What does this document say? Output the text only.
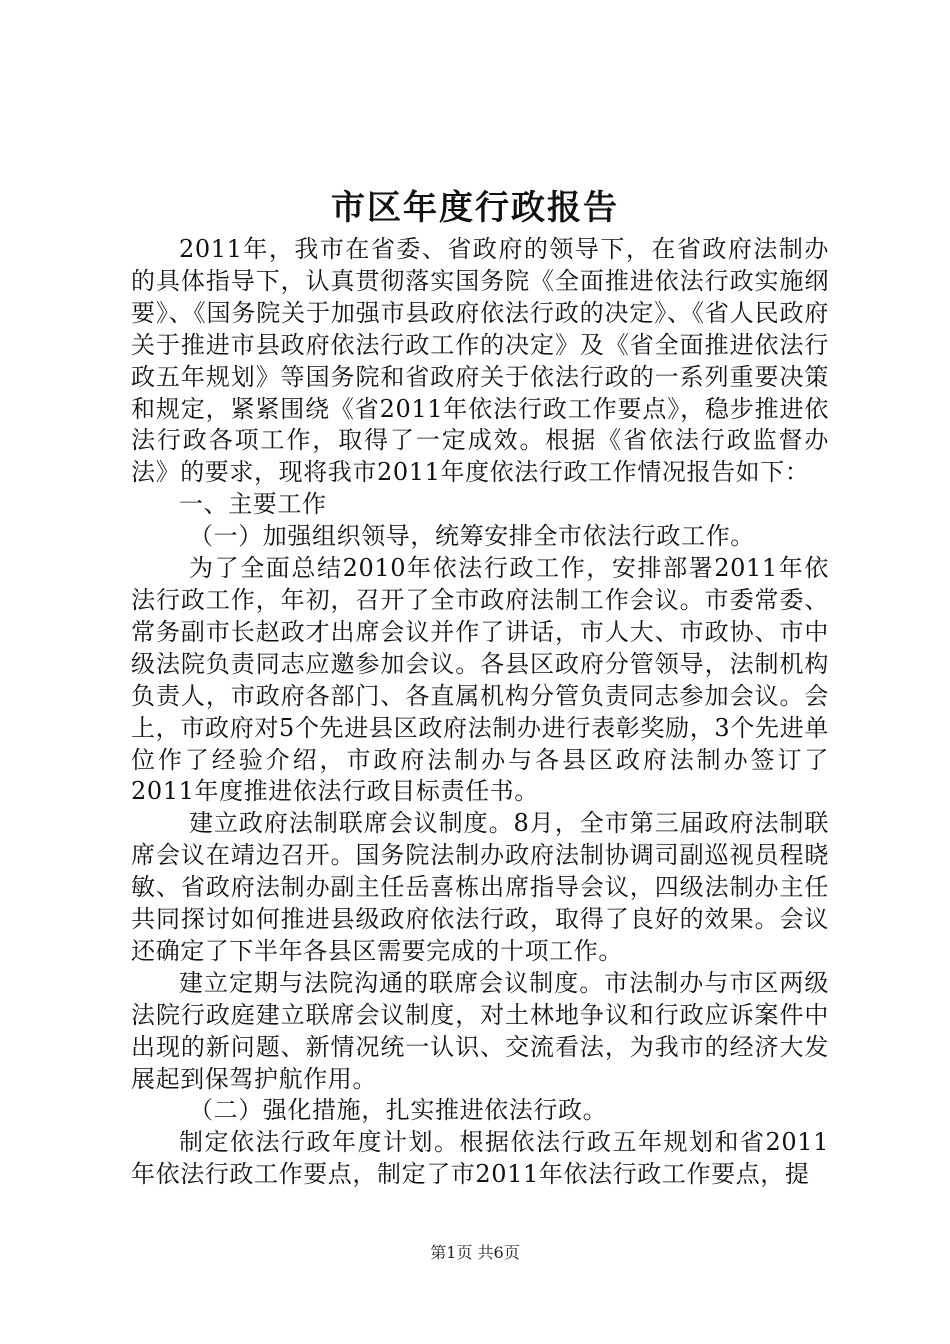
市区年度行政报告

2011年，我市在省委、省政府的领导下，在省政府法制办的具体指导下，认真贯彻落实国务院《全面推进依法行政实施纲要》、《国务院关于加强市县政府依法行政的决定》、《省人民政府关于推进市县政府依法行政工作的决定》及《省全面推进依法行政五年规划》等国务院和省政府关于依法行政的一系列重要决策和规定，紧紧围绕《省2011年依法行政工作要点》，稳步推进依法行政各项工作，取得了一定成效。根据《省依法行政监督办法》的要求，现将我市2011年度依法行政工作情况报告如下：

一、主要工作

（一）加强组织领导，统筹安排全市依法行政工作。

为了全面总结2010年依法行政工作，安排部署2011年依法行政工作，年初，召开了全市政府法制工作会议。市委常委、常务副市长赵政才出席会议并作了讲话，市人大、市政协、市中级法院负责同志应邀参加会议。各县区政府分管领导，法制机构负责人，市政府各部门、各直属机构分管负责同志参加会议。会上，市政府对5个先进县区政府法制办进行表彰奖励，3个先进单位作了经验介绍，市政府法制办与各县区政府法制办签订了2011年度推进依法行政目标责任书。

建立政府法制联席会议制度。8月，全市第三届政府法制联席会议在靖边召开。国务院法制办政府法制协调司副巡视员程晓敏、省政府法制办副主任岳喜栋出席指导会议，四级法制办主任共同探讨如何推进县级政府依法行政，取得了良好的效果。会议还确定了下半年各县区需要完成的十项工作。

建立定期与法院沟通的联席会议制度。市法制办与市区两级法院行政庭建立联席会议制度，对土林地争议和行政应诉案件中出现的新问题、新情况统一认识、交流看法，为我市的经济大发展起到保驾护航作用。

（二）强化措施，扎实推进依法行政。

制定依法行政年度计划。根据依法行政五年规划和省2011年依法行政工作要点，制定了市2011年依法行政工作要点，提

第1页 共6页
